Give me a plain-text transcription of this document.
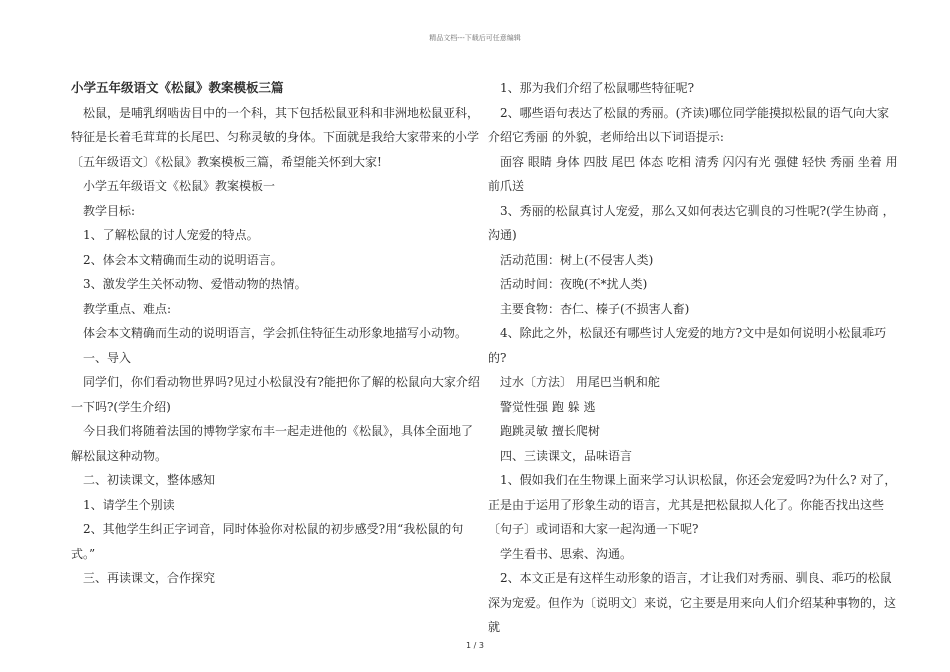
精品文档---下载后可任意编辑

小学五年级语文《松鼠》教案模板三篇

松鼠，是哺乳纲啮齿目中的一个科，其下包括松鼠亚科和非洲地松鼠亚科，特征是长着毛茸茸的长尾巴、匀称灵敏的身体。下面就是我给大家带来的小学〔五年级语文〕《松鼠》教案模板三篇，希望能关怀到大家!

小学五年级语文《松鼠》教案模板一

教学目标:

1、了解松鼠的讨人宠爱的特点。

2、体会本文精确而生动的说明语言。

3、激发学生关怀动物、爱惜动物的热情。

教学重点、难点:

体会本文精确而生动的说明语言，学会抓住特征生动形象地描写小动物。

一、导入

同学们，你们看动物世界吗?见过小松鼠没有?能把你了解的松鼠向大家介绍一下吗?(学生介绍)

今日我们将随着法国的博物学家布丰一起走进他的《松鼠》，具体全面地了解松鼠这种动物。

二、初读课文，整体感知

1、请学生个别读

2、其他学生纠正字词音，同时体验你对松鼠的初步感受?用“我松鼠的句式。”

三、再读课文，合作探究

1、那为我们介绍了松鼠哪些特征呢?

2、哪些语句表达了松鼠的秀丽。(齐读)哪位同学能摸拟松鼠的语气向大家介绍它秀丽 的外貌，老师给出以下词语提示:

面容 眼睛 身体 四肢 尾巴 体态 吃相 清秀 闪闪有光 强健 轻快 秀丽 坐着 用前爪送

3、秀丽的松鼠真讨人宠爱，那么又如何表达它驯良的习性呢?(学生协商 ，沟通)

活动范围：树上(不侵害人类)

活动时间：夜晚(不*扰人类)

主要食物：杏仁、榛子(不损害人畜)

4、除此之外，松鼠还有哪些讨人宠爱的地方?文中是如何说明小松鼠乖巧的?

过水〔方法〕 用尾巴当帆和舵

警觉性强 跑 躲 逃

跑跳灵敏 擅长爬树

四、三读课文，品味语言

1、假如我们在生物课上面来学习认识松鼠，你还会宠爱吗?为什么? 对了，正是由于运用了形象生动的语言，尤其是把松鼠拟人化了。你能否找出这些〔句子〕或词语和大家一起沟通一下呢?

学生看书、思索、沟通。

2、本文正是有这样生动形象的语言，才让我们对秀丽、驯良、乖巧的松鼠深为宠爱。但作为〔说明文〕来说，它主要是用来向人们介绍某种事物的，这就

1 / 3
